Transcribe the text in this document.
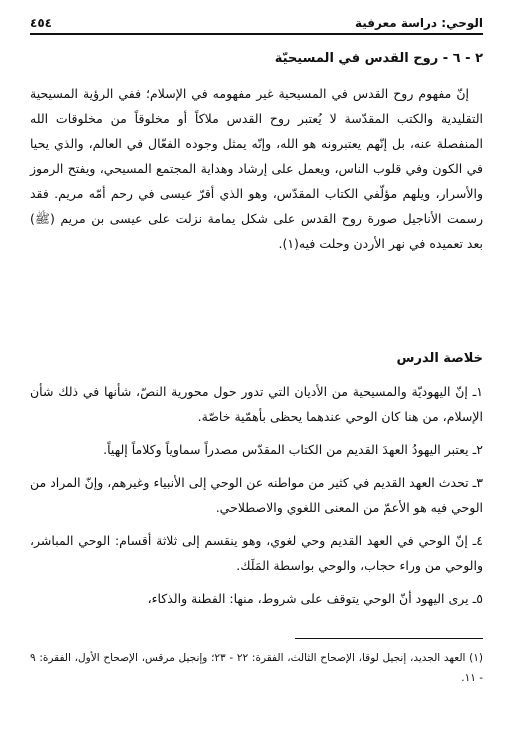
٤٥٤	الوحي: دراسة معرفية
٢ - ٦ - روح القدس في المسيحيّة

إنّ مفهوم روح القدس في المسيحية غير مفهومه في الإسلام؛ ففي الرؤية المسيحية التقليدية والكتب المقدّسة لا يُعتبر روح القدس ملاكاً أو مخلوقاً من مخلوقات الله المنفصلة عنه، بل إنّهم يعتبرونه هو الله، وإنّه يمثل وجوده الفعّال في العالم، والذي يحيا في الكون وفي قلوب الناس، ويعمل على إرشاد وهداية المجتمع المسيحي، ويفتح الرموز والأسرار، ويلهم مؤلّفي الكتاب المقدّس، وهو الذي أقرّ عيسى في رحم أمّه مريم. فقد رسمت الأناجيل صورة روح القدس على شكل يمامة نزلت على عيسى بن مريم (ﷺ) بعد تعميده في نهر الأردن وحلت فيه(١).

خلاصة الدرس

١ـ إنّ اليهوديّة والمسيحية من الأديان التي تدور حول محورية النصّ، شأنها في ذلك شأن الإسلام، من هنا كان الوحي عندهما يحظى بأهمّية خاصّة.

٢ـ يعتبر اليهودُ العهدَ القديم من الكتاب المقدّس مصدراً سماوياً وكلاماً إلهياً.

٣ـ تحدث العهد القديم في كثير من مواطنه عن الوحي إلى الأنبياء وغيرهم، وإنّ المراد من الوحي فيه هو الأعمّ من المعنى اللغوي والاصطلاحي.

٤ـ إنّ الوحي في العهد القديم وحي لغوي، وهو ينقسم إلى ثلاثة أقسام: الوحي المباشر، والوحي من وراء حجاب، والوحي بواسطة المَلَك.

٥ـ يرى اليهود أنّ الوحي يتوقف على شروط، منها: الفطنة والذكاء،

(١) العهد الجديد، إنجيل لوقا، الإصحاح الثالث، الفقرة: ٢٢ - ٢٣؛ وإنجيل مرقس، الإصحاح الأول، الفقرة: ٩ - ١١.
